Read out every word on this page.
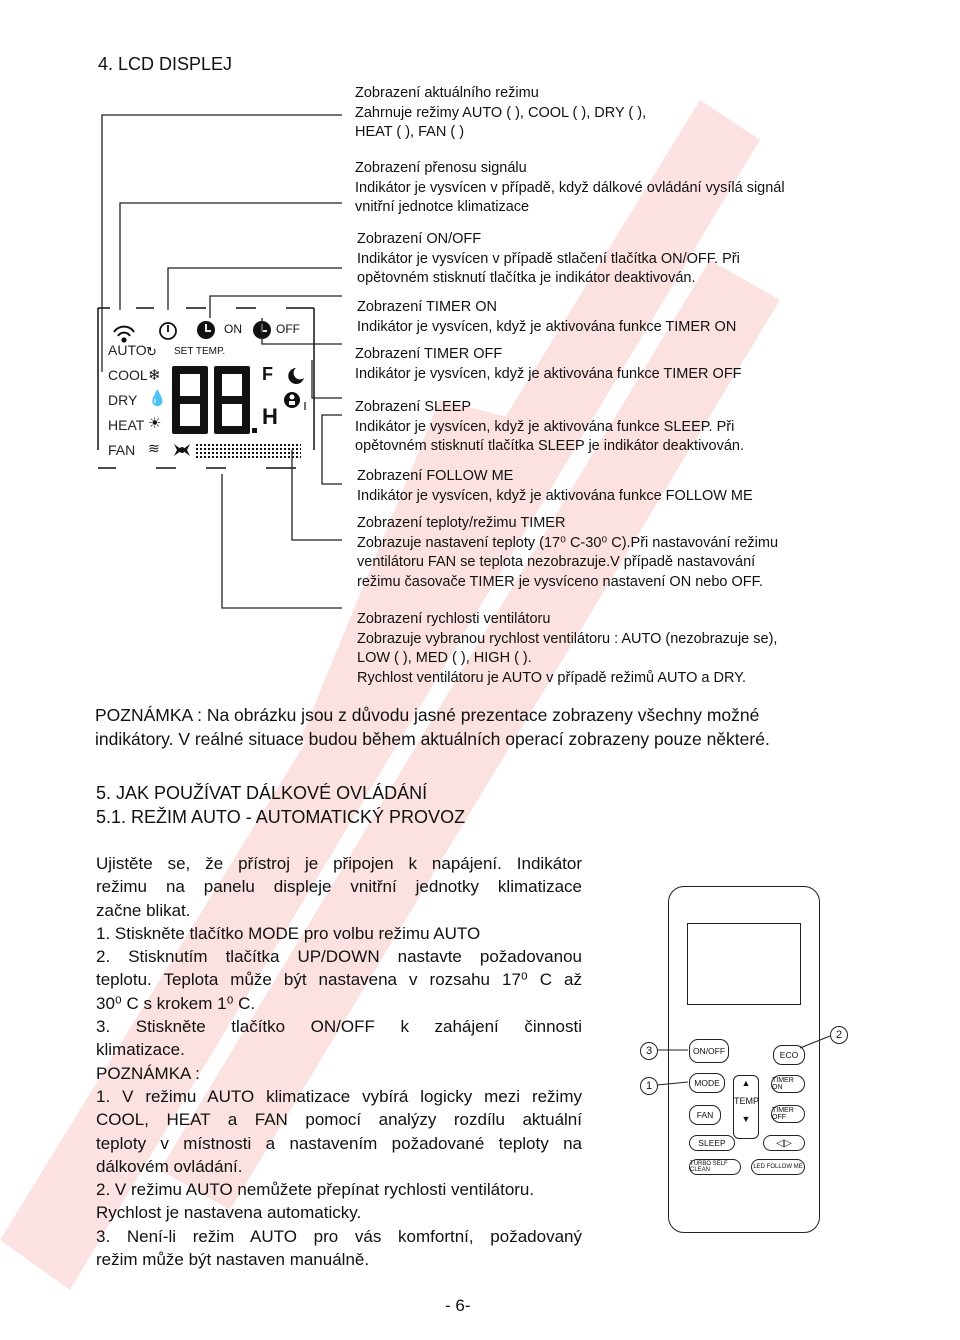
4. LCD DISPLEJ
AUTO
COOL
DRY
HEAT
FAN
↻
❄
💧
☀
≋
ON	OFF
SET TEMP.
F
H
Zobrazení aktuálního režimu
Zahrnuje režimy AUTO ( ), COOL ( ), DRY ( ),
HEAT ( ), FAN ( )
Zobrazení přenosu signálu
Indikátor je vysvícen v případě, když dálkové ovládání vysílá signál
vnitřní jednotce klimatizace
Zobrazení ON/OFF
Indikátor je vysvícen v případě stlačení tlačítka ON/OFF. Při
opětovném stisknutí tlačítka je indikátor deaktivován.
Zobrazení TIMER ON
Indikátor je vysvícen, když je aktivována funkce TIMER ON
Zobrazení TIMER OFF
Indikátor je vysvícen, když je aktivována funkce TIMER OFF
Zobrazení SLEEP
Indikátor je vysvícen, když je aktivována funkce SLEEP. Při
opětovném stisknutí tlačítka SLEEP je indikátor deaktivován.
Zobrazení FOLLOW ME
Indikátor je vysvícen, když je aktivována funkce FOLLOW ME
Zobrazení teploty/režimu TIMER
Zobrazuje nastavení teploty (17⁰ C-30⁰ C).Při nastavování režimu
ventilátoru FAN se teplota nezobrazuje.V případě nastavování
režimu časovače TIMER je vysvíceno nastavení ON nebo OFF.
Zobrazení rychlosti ventilátoru
Zobrazuje vybranou rychlost ventilátoru : AUTO (nezobrazuje se),
LOW ( ), MED ( ), HIGH ( ).
Rychlost ventilátoru je AUTO v případě režimů AUTO a DRY.
POZNÁMKA : Na obrázku jsou z důvodu jasné prezentace zobrazeny všechny možné
indikátory. V reálné situace budou během aktuálních operací zobrazeny pouze některé.
5. JAK POUŽÍVAT DÁLKOVÉ OVLÁDÁNÍ
5.1. REŽIM AUTO - AUTOMATICKÝ PROVOZ
Ujistěte se, že přístroj je připojen k napájení. Indikátor
režimu na panelu displeje vnitřní jednotky klimatizace
začne blikat.
1. Stiskněte tlačítko MODE pro volbu režimu AUTO
2. Stisknutím tlačítka UP/DOWN nastavte požadovanou
teplotu. Teplota může být nastavena v rozsahu 17⁰ C až
30⁰ C s krokem 1⁰ C.
3. Stiskněte tlačítko ON/OFF k zahájení činnosti
klimatizace.
POZNÁMKA :
1. V režimu AUTO klimatizace vybírá logicky mezi režimy
COOL, HEAT a FAN pomocí analýzy rozdílu aktuální
teploty v místnosti a nastavením požadované teploty na
dálkovém ovládání.
2. V režimu AUTO nemůžete přepínat rychlosti ventilátoru.
Rychlost je nastavena automaticky.
3. Není-li režim AUTO pro vás komfortní, požadovaný
režim může být nastaven manuálně.
ON/OFF	ECO
MODE	▲
TEMP
▼
TIMER ON
FAN	TIMER OFF
SLEEP	◁▷
TURBO SELF CLEAN	LED FOLLOW ME
3
1
2
- 6-
